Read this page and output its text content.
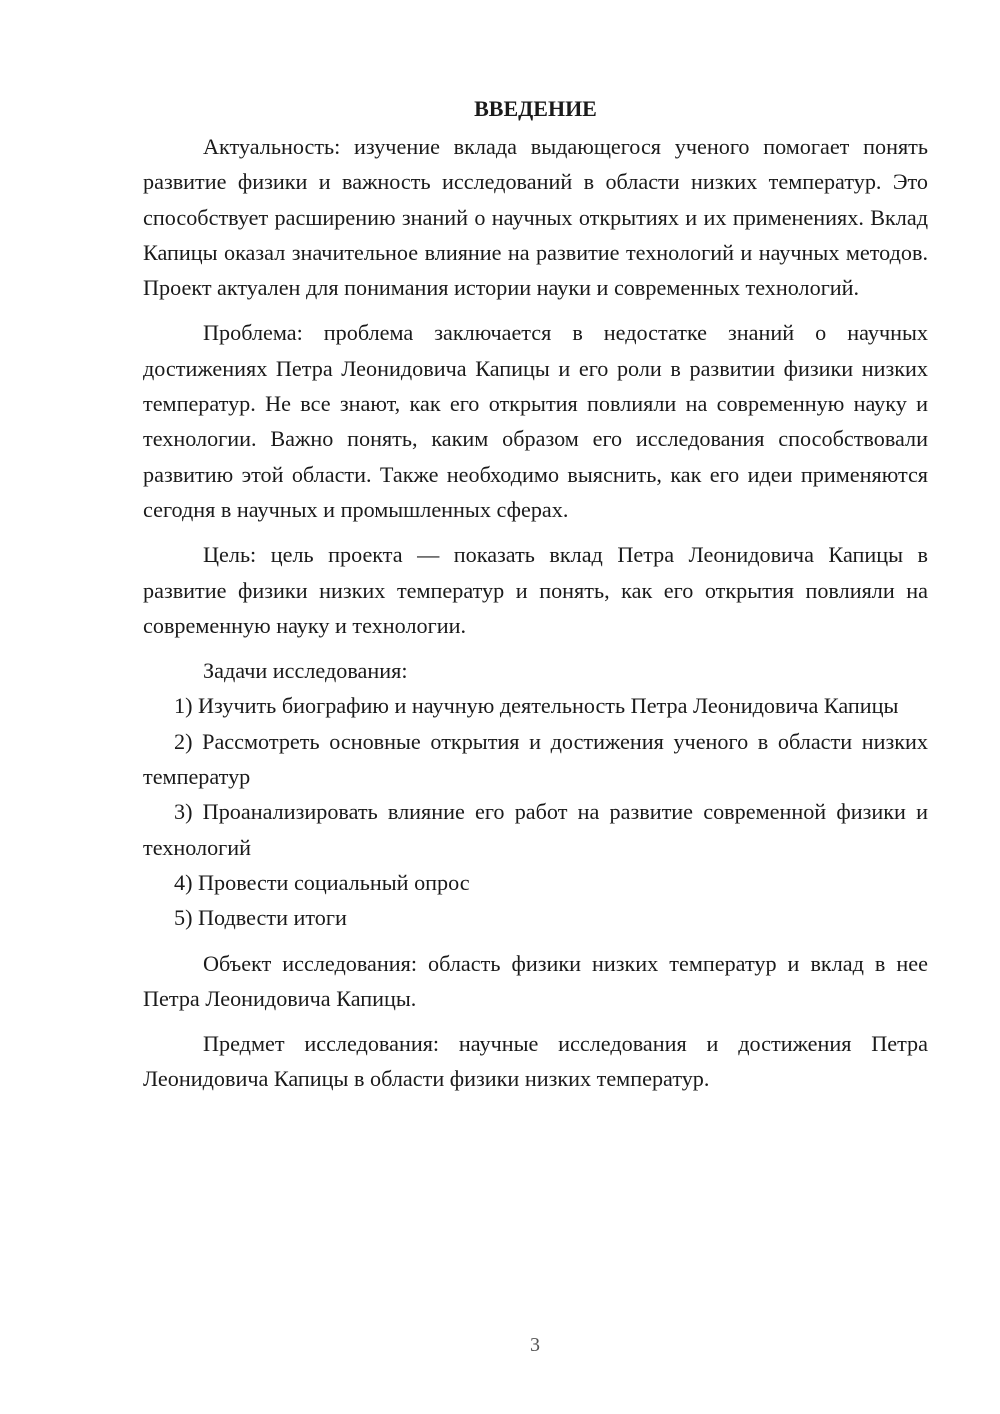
ВВЕДЕНИЕ

Актуальность: изучение вклада выдающегося ученого помогает понять развитие физики и важность исследований в области низких температур. Это способствует расширению знаний о научных открытиях и их применениях. Вклад Капицы оказал значительное влияние на развитие технологий и научных методов. Проект актуален для понимания истории науки и современных технологий.

Проблема: проблема заключается в недостатке знаний о научных достижениях Петра Леонидовича Капицы и его роли в развитии физики низких температур. Не все знают, как его открытия повлияли на современную науку и технологии. Важно понять, каким образом его исследования способствовали развитию этой области. Также необходимо выяснить, как его идеи применяются сегодня в научных и промышленных сферах.

Цель: цель проекта — показать вклад Петра Леонидовича Капицы в развитие физики низких температур и понять, как его открытия повлияли на современную науку и технологии.

Задачи исследования:

1) Изучить биографию и научную деятельность Петра Леонидовича Капицы

2) Рассмотреть основные открытия и достижения ученого в области низких температур

3) Проанализировать влияние его работ на развитие современной физики и технологий

4) Провести социальный опрос

5) Подвести итоги

Объект исследования: область физики низких температур и вклад в нее Петра Леонидовича Капицы.

Предмет исследования: научные исследования и достижения Петра Леонидовича Капицы в области физики низких температур.

3
